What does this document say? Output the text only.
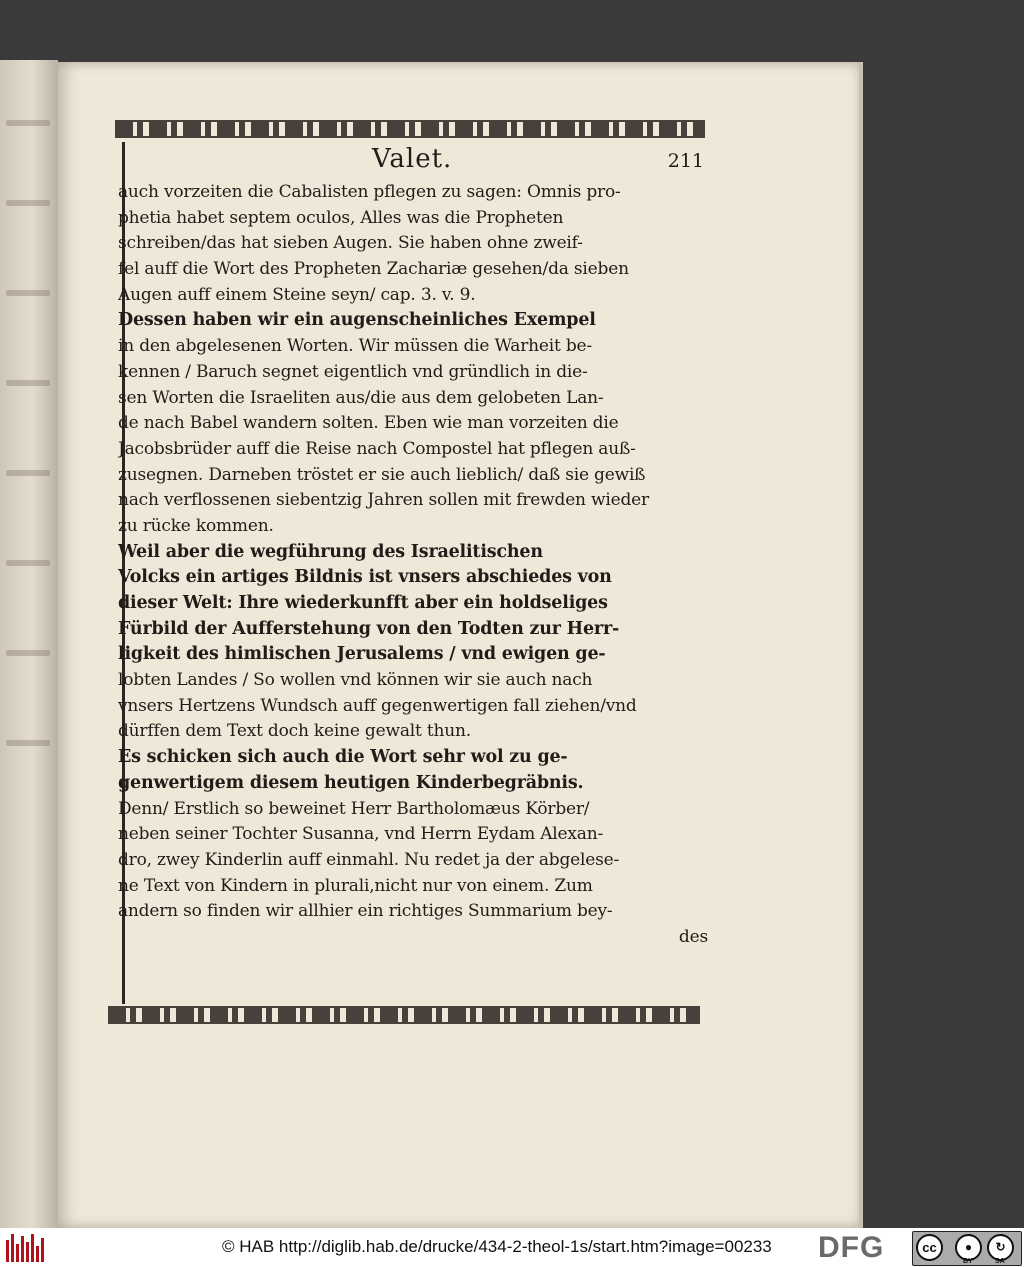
Valet.	211
auch vorzeiten die Cabalisten pflegen zu sagen: Omnis pro-
phetia habet septem oculos, Alles was die Propheten
schreiben/das hat sieben Augen. Sie haben ohne zweif-
fel auff die Wort des Propheten Zachariæ gesehen/da sieben
Augen auff einem Steine seyn/ cap. 3. v. 9.
Dessen haben wir ein augenscheinliches Exempel
in den abgelesenen Worten. Wir müssen die Warheit be-
kennen / Baruch segnet eigentlich vnd gründlich in die-
sen Worten die Israeliten aus/die aus dem gelobeten Lan-
de nach Babel wandern solten. Eben wie man vorzeiten die
Jacobsbrüder auff die Reise nach Compostel hat pflegen auß-
zusegnen. Darneben tröstet er sie auch lieblich/ daß sie gewiß
nach verflossenen siebentzig Jahren sollen mit frewden wieder
zu rücke kommen.
Weil aber die wegführung des Israelitischen
Volcks ein artiges Bildnis ist vnsers abschiedes von
dieser Welt: Ihre wiederkunfft aber ein holdseliges
Fürbild der Aufferstehung von den Todten zur Herr-
ligkeit des himlischen Jerusalems / vnd ewigen ge-
lobten Landes / So wollen vnd können wir sie auch nach
vnsers Hertzens Wundsch auff gegenwertigen fall ziehen/vnd
dürffen dem Text doch keine gewalt thun.
Es schicken sich auch die Wort sehr wol zu ge-
genwertigem diesem heutigen Kinderbegräbnis.
Denn/ Erstlich so beweinet Herr Bartholomæus Körber/
neben seiner Tochter Susanna, vnd Herrn Eydam Alexan-
dro, zwey Kinderlin auff einmahl. Nu redet ja der abgelese-
ne Text von Kindern in plurali,nicht nur von einem. Zum
andern so finden wir allhier ein richtiges Summarium bey-
des
© HAB http://diglib.hab.de/drucke/434-2-theol-1s/start.htm?image=00233 DFG	cc	●	↻
BY	SA
